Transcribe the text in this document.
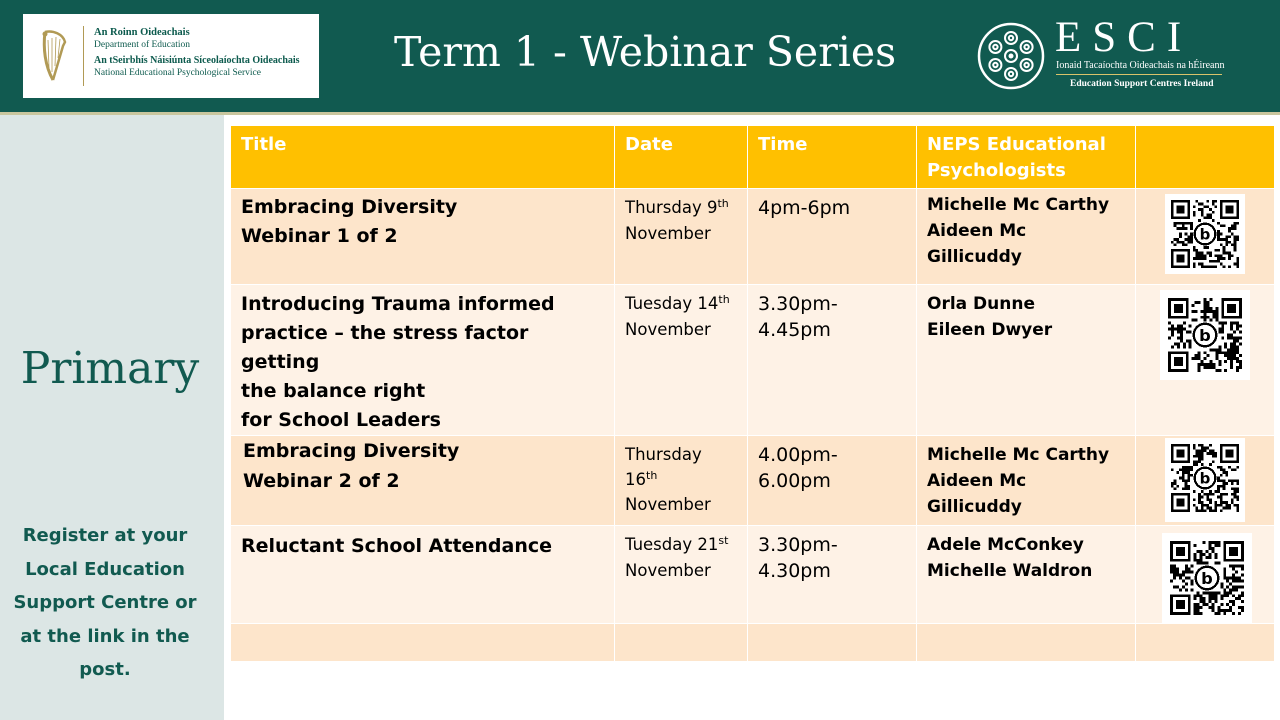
An Roinn Oideachais
Department of Education
An tSeirbhís Náisiúnta Síceolaíochta Oideachais
National Educational Psychological Service	Term 1 - Webinar Series	ESCI
Ionaid Tacaíochta Oideachais na hÉireann
Education Support Centres Ireland
Primary
Register at your
Local Education
Support Centre or
at the link in the
post.
Title	Date	Time	NEPS Educational
Psychologists	

Embracing Diversity
Webinar 1 of 2	Thursday 9th
November	4pm-6pm	Michelle Mc Carthy
Aideen Mc Gillicuddy	b

Introducing Trauma informed
practice – the stress factor getting
the balance right
for School Leaders	Tuesday 14th
November	3.30pm-4.45pm	Orla Dunne
Eileen Dwyer	b

Embracing Diversity
Webinar 2 of 2	Thursday
16th
November	4.00pm-6.00pm	Michelle Mc Carthy
Aideen Mc Gillicuddy	b

Reluctant School Attendance	Tuesday 21st
November	3.30pm-4.30pm	Adele McConkey
Michelle Waldron	b
